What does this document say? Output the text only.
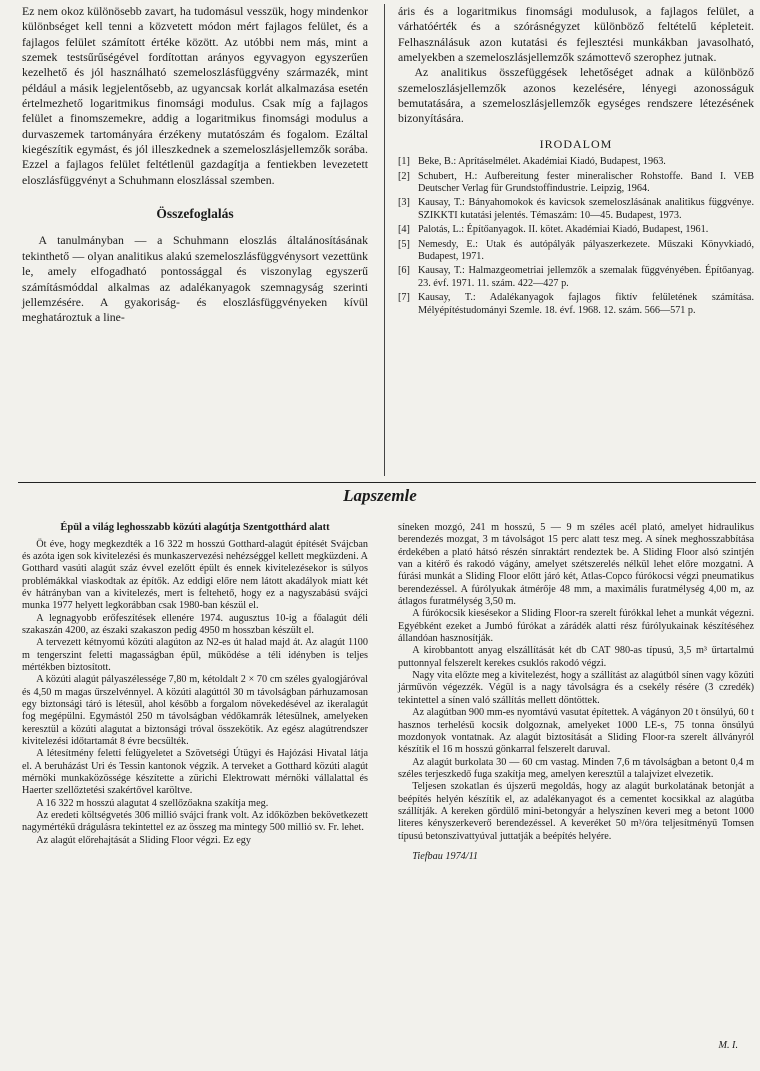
Ez nem okoz különösebb zavart, ha tudomásul vesszük, hogy mindenkor különbséget kell tenni a közvetett módon mért fajlagos felület, és a fajlagos felület számított értéke között. Az utóbbi nem más, mint a szemek testsűrűségével fordítottan arányos egyvagyon egyszerűen kezelhető és jól használható szemeloszlásfüggvény származék, mint például a másik legjelentősebb, az ugyancsak korlát alkalmazása esetén értelmezhető logaritmikus finomsági modulus. Csak míg a fajlagos felület a finomszemekre, addig a logaritmikus finomsági modulus a durvaszemek tartományára érzékeny mutatószám és fogalom. Ezáltal kiegészítik egymást, és jól illeszkednek a szemeloszlásjellemzők sorába. Ezzel a fajlagos felület feltétlenül gazdagítja a fentiekben levezetett eloszlásfüggvényt a Schuhmann eloszlással szemben.

Összefoglalás

A tanulmányban — a Schuhmann eloszlás általánosításának tekinthető — olyan analitikus alakú szemeloszlásfüggvénysort vezettünk le, amely elfogadható pontossággal és viszonylag egyszerű számításmóddal alkalmas az adalékanyagok szemnagyság szerinti jellemzésére. A gyakoriság- és eloszlásfüggvényeken kívül meghatároztuk a line-

áris és a logaritmikus finomsági modulusok, a fajlagos felület, a várhatóérték és a szórásnégyzet különböző feltételű képleteit. Felhasználásuk azon kutatási és fejlesztési munkákban javasolható, amelyekben a szemeloszlásjellemzők számottevő szerophez jutnak.

Az analitikus összefüggések lehetőséget adnak a különböző szemeloszlásjellemzők azonos kezelésére, lényegi azonosságuk bemutatására, a szemeloszlásjellemzők egységes rendszere létezésének bizonyítására.

IRODALOM
[1] Beke, B.: Aprításelmélet. Akadémiai Kiadó, Budapest, 1963.
[2] Schubert, H.: Aufbereitung fester mineralischer Rohstoffe. Band I. VEB Deutscher Verlag für Grundstoffindustrie. Leipzig, 1964.
[3] Kausay, T.: Bányahomokok és kavicsok szemeloszlásának analitikus függvénye. SZIKKTI kutatási jelentés. Témaszám: 10—45. Budapest, 1973.
[4] Palotás, L.: Építőanyagok. II. kötet. Akadémiai Kiadó, Budapest, 1961.
[5] Nemesdy, E.: Utak és autópályák pályaszerkezete. Műszaki Könyvkiadó, Budapest, 1971.
[6] Kausay, T.: Halmazgeometriai jellemzők a szemalak függvényében. Építőanyag. 23. évf. 1971. 11. szám. 422—427 p.
[7] Kausay, T.: Adalékanyagok fajlagos fiktív felületének számítása. Mélyépítéstudományi Szemle. 18. évf. 1968. 12. szám. 566—571 p.
Lapszemle
Épül a világ leghosszabb közúti alagútja Szentgotthárd alatt

Öt éve, hogy megkezdték a 16 322 m hosszú Gotthard-alagút építését Svájcban és azóta igen sok kivitelezési és munkaszervezési nehézséggel kellett megküzdeni. A Gotthard vasúti alagút száz évvel ezelőtt épült és ennek kivitelezésekor is súlyos problémákkal viaskodtak az építők. Az eddigi előre nem látott akadályok miatt két év hátrányban van a kivitelezés, mert is feltehető, hogy ez a nagyszabású svájci munka 1977 helyett legkorábban csak 1980-ban készül el.

A legnagyobb erőfeszítések ellenére 1974. augusztus 10-ig a főalagút déli szakaszán 4200, az északi szakaszon pedig 4950 m hosszban készült el.

A tervezett kétnyomú közúti alagúton az N2-es út halad majd át. Az alagút 1100 m tengerszint feletti magasságban épül, működése a téli idényben is teljes mértékben biztosított.

A közúti alagút pályaszélessége 7,80 m, kétoldalt 2 × 70 cm széles gyalogjáróval és 4,50 m magas űrszelvénnyel. A közúti alagúttól 30 m távolságban párhuzamosan egy biztonsági táró is létesül, ahol később a forgalom növekedésével az ikeralagút fog megépülni. Egymástól 250 m távolságban védőkamrák létesülnek, amelyeken keresztül a közúti alagutat a biztonsági tróval összekötik. Az egész alagútrendszer kivitelezési időtartamát 8 évre becsülték.

A létesítmény feletti felügyeletet a Szövetségi Útügyi és Hajózási Hivatal látja el. A beruházást Uri és Tessin kantonok végzik. A terveket a Gotthard közúti alagút mérnöki munkaközössége készítette a zürichi Elektrowatt mérnöki vállalattal és Haerter szellőztetési szakértővel karöltve.

A 16 322 m hosszú alagutat 4 szellőzőakna szakítja meg.

Az eredeti költségvetés 306 millió svájci frank volt. Az időközben bekövetkezett nagymértékű drágulásra tekintettel ez az összeg ma mintegy 500 millió sv. Fr. lehet.

Az alagút előrehajtását a Sliding Floor végzi. Ez egy

síneken mozgó, 241 m hosszú, 5 — 9 m széles acél plató, amelyet hidraulikus berendezés mozgat, 3 m távolságot 15 perc alatt tesz meg. A sínek meghosszabbítása érdekében a plató hátsó részén sínraktárt rendeztek be. A Sliding Floor alsó szintjén van a kitérő és rakodó vágány, amelyet szétszerelés nélkül lehet előre mozgatni. A fúrási munkát a Sliding Floor előtt járó két, Atlas-Copco fúrókocsi végzi pneumatikus berendezéssel. A fúrólyukak átmérője 48 mm, a maximális furatmélység 4,00 m, az átlagos furatmélység 3,50 m.

A fúrókocsik kiesésekor a Sliding Floor-ra szerelt fúrókkal lehet a munkát végezni. Egyébként ezeket a Jumbó fúrókat a zárádék alatti rész fúrólyukainak készítéséhez állandóan hasznosítják.

A kirobbantott anyag elszállítását két db CAT 980-as típusú, 3,5 m³ űrtartalmú puttonnyal felszerelt kerekes csuklós rakodó végzi.

Nagy vita előzte meg a kivitelezést, hogy a szállítást az alagútból sínen vagy közúti járművön végezzék. Végül is a nagy távolságra és a csekély résére (3 czredék) tekintettel a sínen való szállítás mellett döntöttek.

Az alagútban 900 mm-es nyomtávú vasutat építettek. A vágányon 20 t önsúlyú, 60 t hasznos terhelésű kocsik dolgoznak, amelyeket 1000 LE-s, 75 tonna önsúlyú mozdonyok vontatnak. Az alagút biztosítását a Sliding Floor-ra szerelt állványról készítik el 16 m hosszú gönkarral felszerelt daruval.

Az alagút burkolata 30 — 60 cm vastag. Minden 7,6 m távolságban a betont 0,4 m széles terjeszkedő fuga szakítja meg, amelyen keresztül a talajvizet elvezetik.

Teljesen szokatlan és újszerű megoldás, hogy az alagút burkolatának betonját a beépítés helyén készítik el, az adalékanyagot és a cementet kocsikkal az alagútba szállítják. A kereken gördülő mini-betongyár a helyszínen keveri meg a betont 1000 literes kényszerkeverő berendezéssel. A keveréket 50 m³/óra teljesítményű Tomsen típusú betonszivattyúval juttatják a beépítés helyére.

Tiefbau 1974/11

M. I.
